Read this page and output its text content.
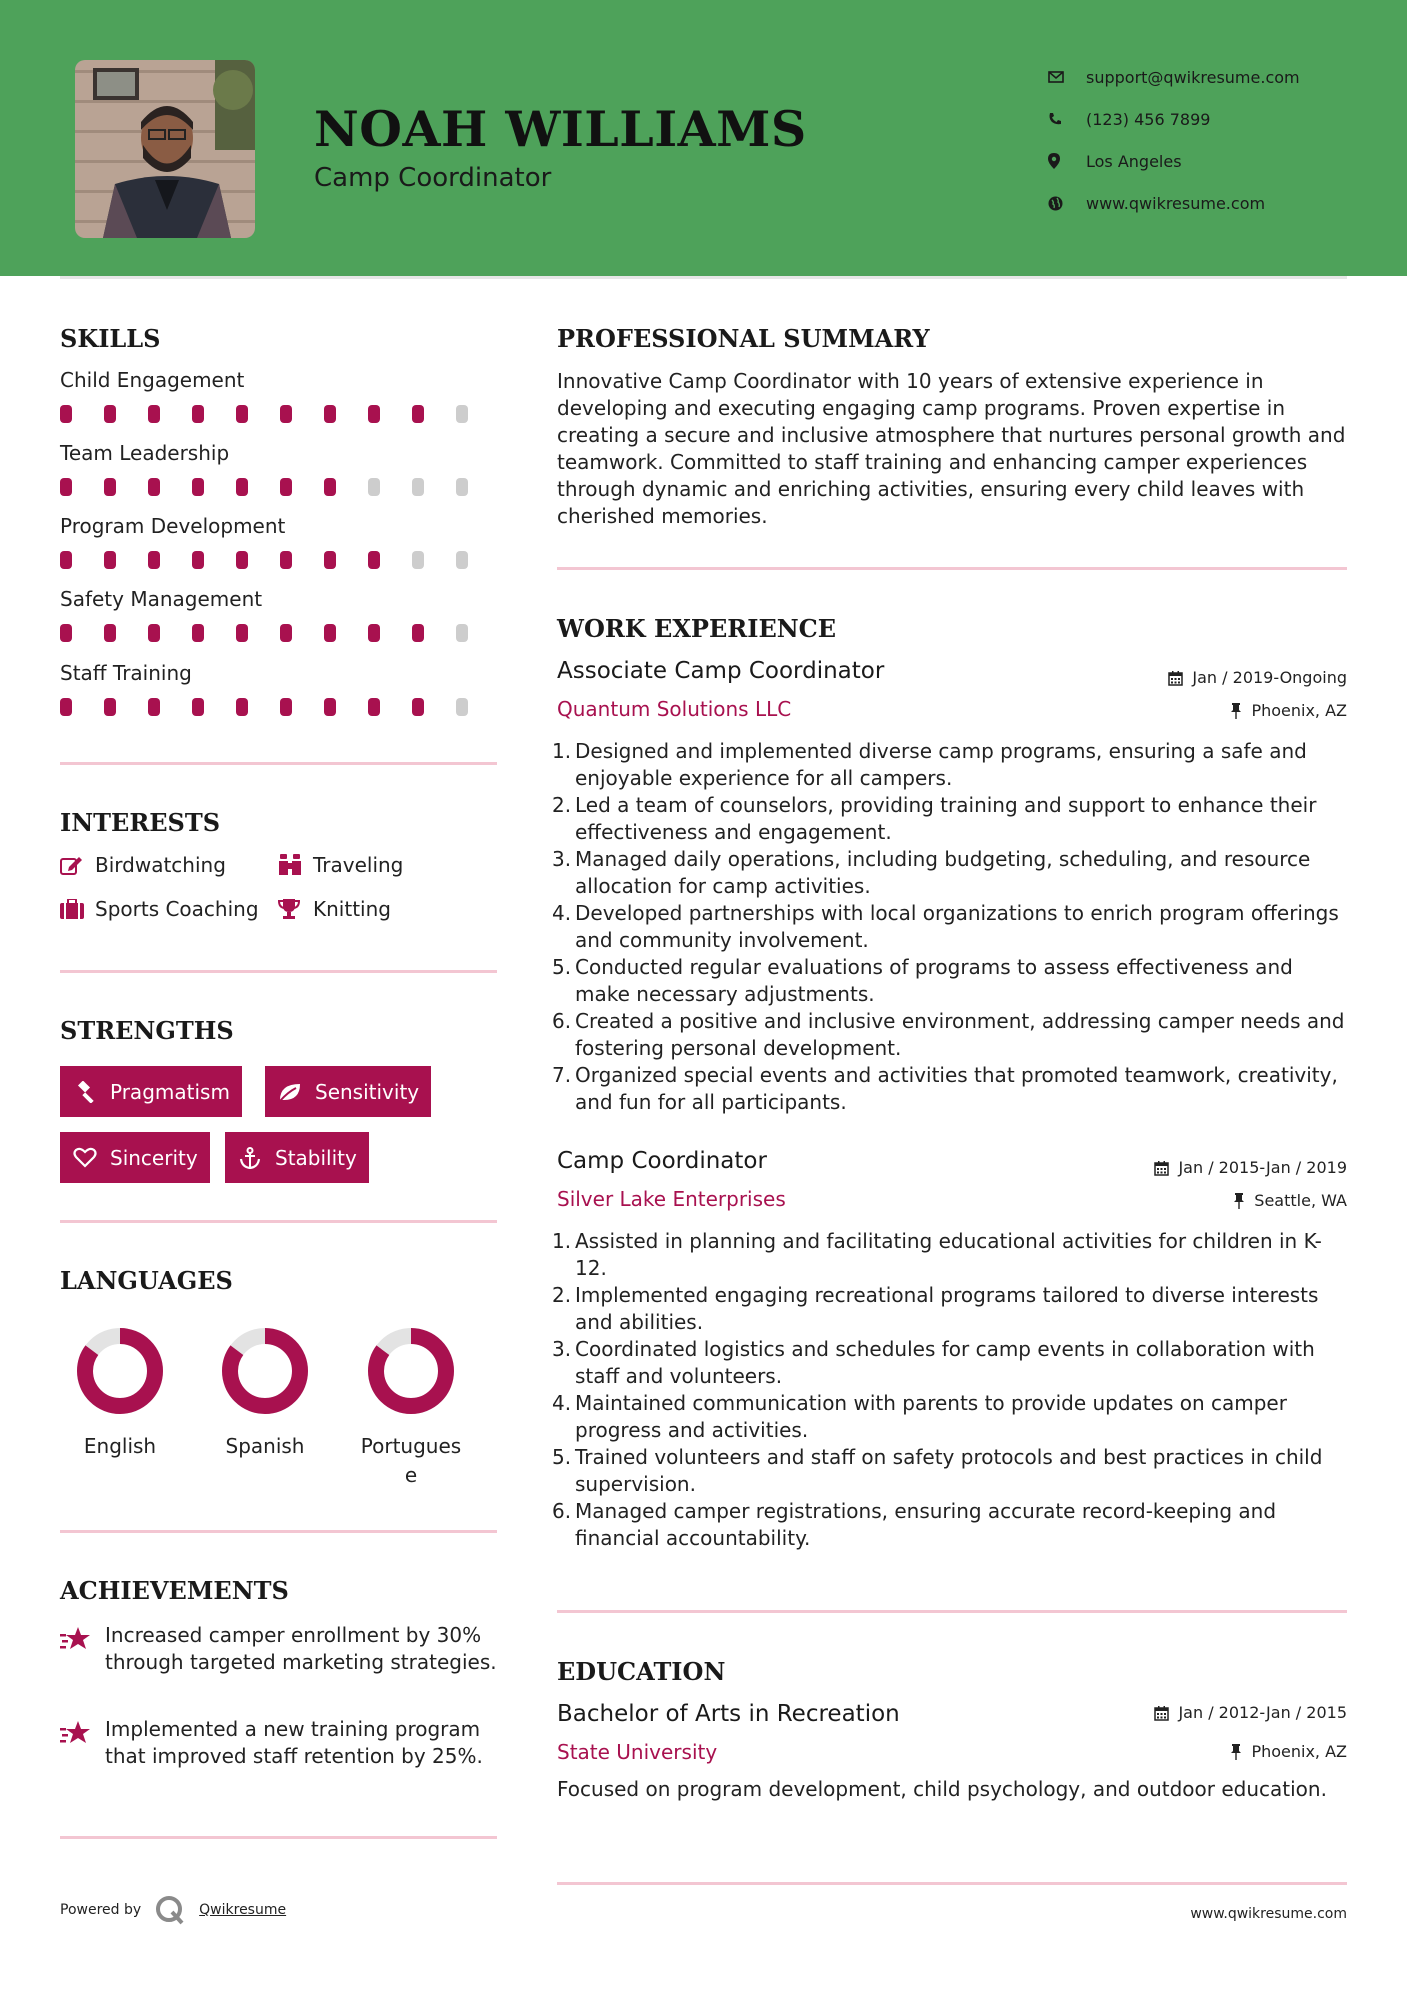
NOAH WILLIAMS
Camp Coordinator
support@qwikresume.com
(123) 456 7899
Los Angeles
www.qwikresume.com
SKILLS
Child Engagement
Team Leadership
Program Development
Safety Management
Staff Training
INTERESTS
Birdwatching	Traveling
Sports Coaching	Knitting
STRENGTHS
Pragmatism	Sensitivity
Sincerity	Stability
LANGUAGES
English	Spanish	Portugues
e
ACHIEVEMENTS
Increased camper enrollment by 30% through targeted marketing strategies.
Implemented a new training program that improved staff retention by 25%.
PROFESSIONAL SUMMARY
Innovative Camp Coordinator with 10 years of extensive experience in developing and executing engaging camp programs. Proven expertise in creating a secure and inclusive atmosphere that nurtures personal growth and teamwork. Committed to staff training and enhancing camper experiences through dynamic and enriching activities, ensuring every child leaves with cherished memories.
WORK EXPERIENCE
Associate Camp Coordinator	Jan / 2019-Ongoing
Quantum Solutions LLC	Phoenix, AZ
1. Designed and implemented diverse camp programs, ensuring a safe and enjoyable experience for all campers.
2. Led a team of counselors, providing training and support to enhance their effectiveness and engagement.
3. Managed daily operations, including budgeting, scheduling, and resource allocation for camp activities.
4. Developed partnerships with local organizations to enrich program offerings and community involvement.
5. Conducted regular evaluations of programs to assess effectiveness and make necessary adjustments.
6. Created a positive and inclusive environment, addressing camper needs and fostering personal development.
7. Organized special events and activities that promoted teamwork, creativity, and fun for all participants.
Camp Coordinator	Jan / 2015-Jan / 2019
Silver Lake Enterprises	Seattle, WA
1. Assisted in planning and facilitating educational activities for children in K-12.
2. Implemented engaging recreational programs tailored to diverse interests and abilities.
3. Coordinated logistics and schedules for camp events in collaboration with staff and volunteers.
4. Maintained communication with parents to provide updates on camper progress and activities.
5. Trained volunteers and staff on safety protocols and best practices in child supervision.
6. Managed camper registrations, ensuring accurate record-keeping and financial accountability.
EDUCATION
Bachelor of Arts in Recreation	Jan / 2012-Jan / 2015
State University	Phoenix, AZ
Focused on program development, child psychology, and outdoor education.
Powered by	Qwikresume	www.qwikresume.com
